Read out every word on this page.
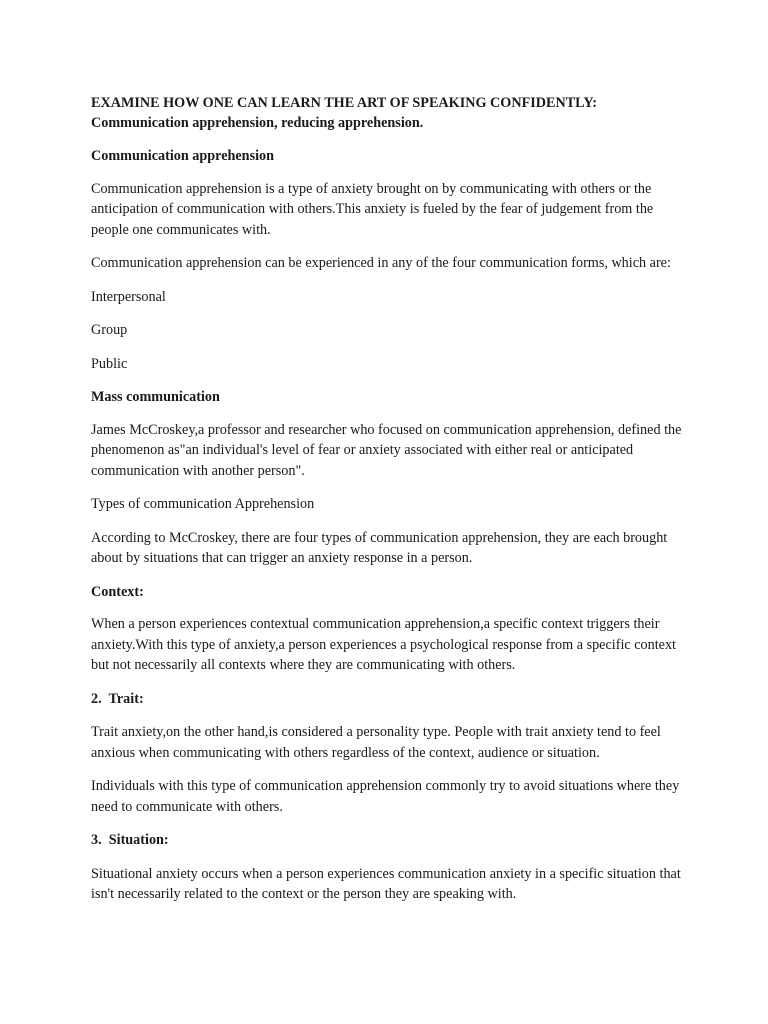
EXAMINE HOW ONE CAN LEARN THE ART OF SPEAKING CONFIDENTLY:
Communication apprehension, reducing apprehension.
Communication apprehension
Communication apprehension is a type of anxiety brought on by communicating with others or the anticipation of communication with others.This anxiety is fueled by the fear of judgement from the people one communicates with.
Communication apprehension can be experienced in any of the four communication forms, which are:
Interpersonal
Group
Public
Mass communication
James McCroskey,a professor and researcher who focused on communication apprehension, defined the phenomenon as"an individual's level of fear or anxiety associated with either real or anticipated communication with another person".
Types of communication Apprehension
According to McCroskey, there are four types of communication apprehension, they are each brought about by situations that can trigger an anxiety response in a person.
Context:
When a person experiences contextual communication apprehension,a specific context triggers their anxiety.With this type of anxiety,a person experiences a psychological response from a specific context but not necessarily all contexts where they are communicating with others.
2.  Trait:
Trait anxiety,on the other hand,is considered a personality type. People with trait anxiety tend to feel anxious when communicating with others regardless of the context, audience or situation.
Individuals with this type of communication apprehension commonly try to avoid situations where they need to communicate with others.
3.  Situation:
Situational anxiety occurs when a person experiences communication anxiety in a specific situation that isn't necessarily related to the context or the person they are speaking with.
